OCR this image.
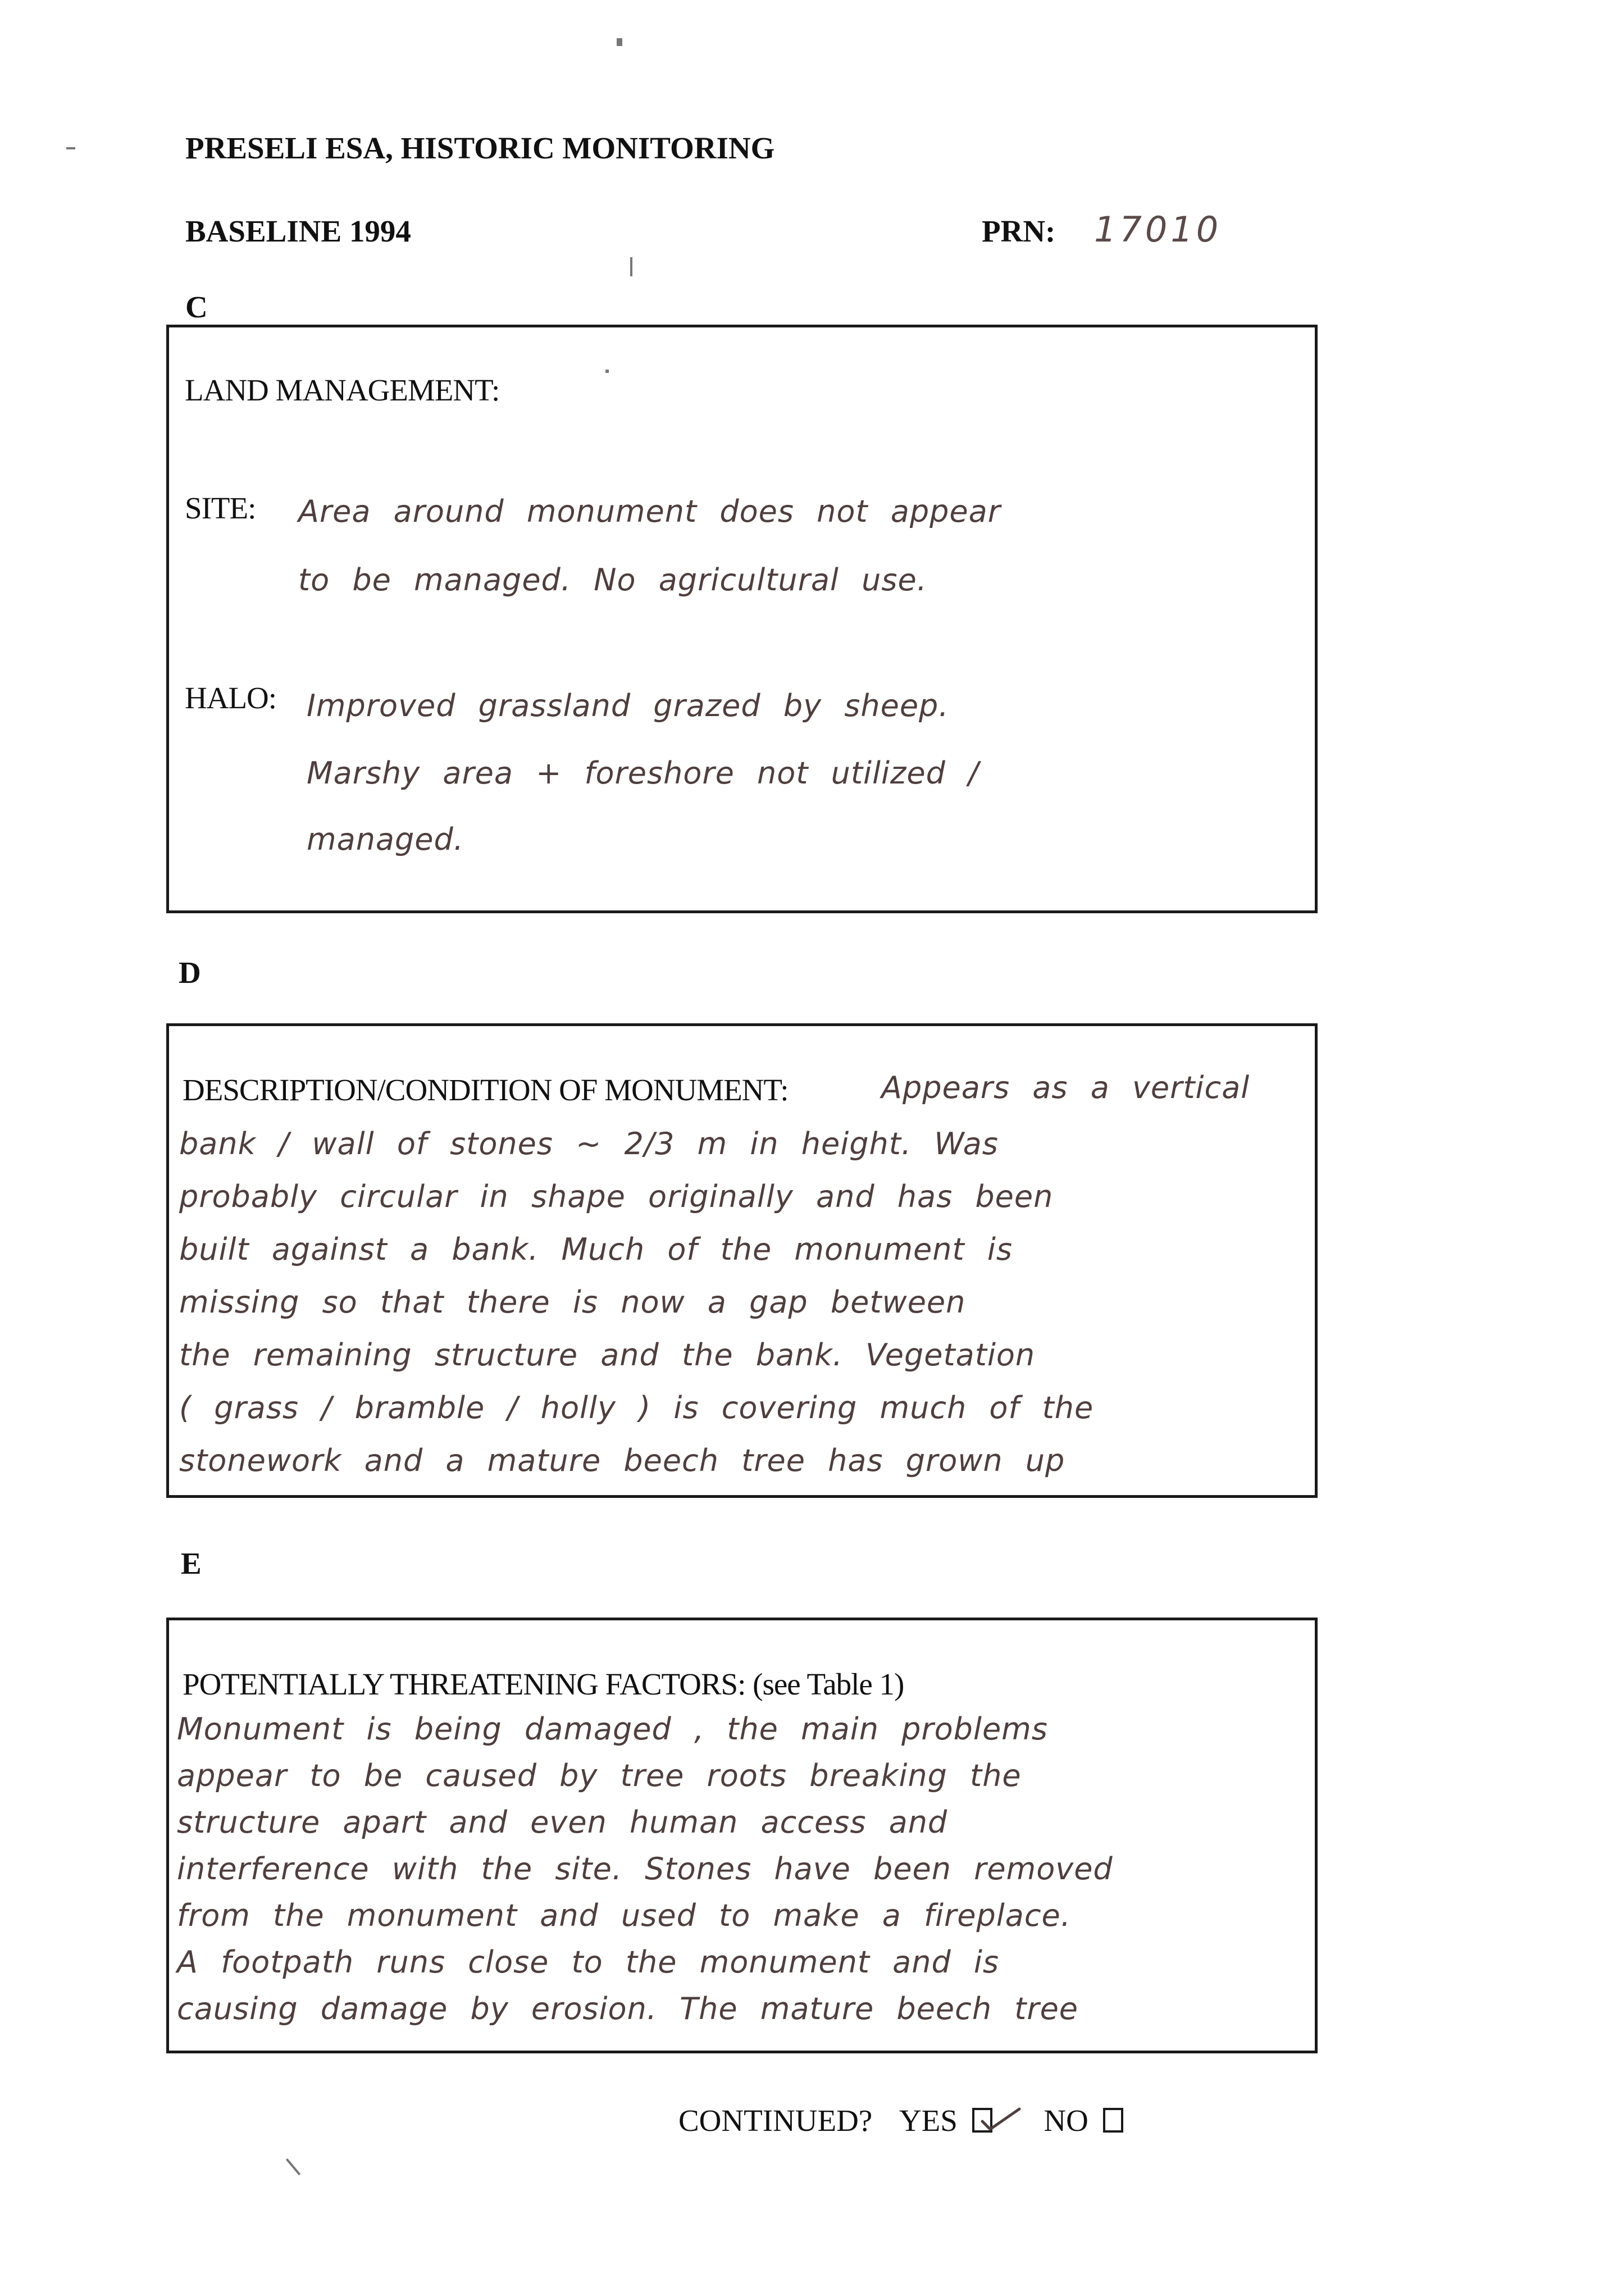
PRESELI ESA, HISTORIC MONITORING
BASELINE 1994	PRN: 17010
C
LAND MANAGEMENT:
SITE: Area around monument does not appear
to be managed. No agricultural use.
HALO: Improved grassland grazed by sheep.
Marshy area + foreshore not utilized /
managed.
D
DESCRIPTION/CONDITION OF MONUMENT:	Appears as a vertical
bank / wall of stones ~ 2/3 m in height. Was
probably circular in shape originally and has been
built against a bank. Much of the monument is
missing so that there is now a gap between
the remaining structure and the bank. Vegetation
( grass / bramble / holly ) is covering much of the
stonework and a mature beech tree has grown up
E
POTENTIALLY THREATENING FACTORS: (see Table 1)
Monument is being damaged , the main problems
appear to be caused by tree roots breaking the
structure apart and even human access and
interference with the site. Stones have been removed
from the monument and used to make a fireplace.
A footpath runs close to the monument and is
causing damage by erosion. The mature beech tree
CONTINUED? YES	NO
